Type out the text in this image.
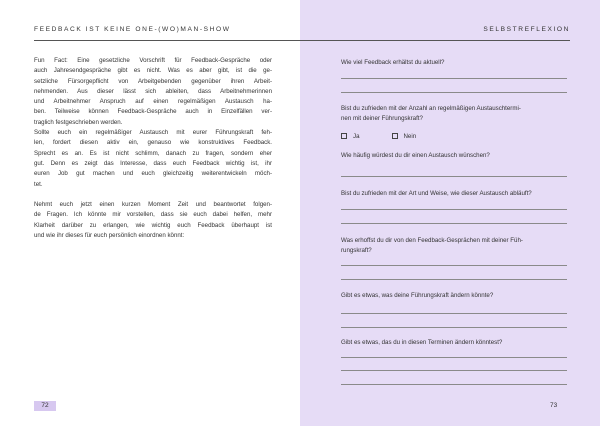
FEEDBACK IST KEINE ONE-(WO)MAN-SHOW	SELBSTREFLEXION
Fun Fact: Eine gesetzliche Vorschrift für Feedback-Gespräche oder
auch Jahresendgespräche gibt es nicht. Was es aber gibt, ist die ge-
setzliche Fürsorgepflicht von Arbeitgebenden gegenüber ihren Arbeit-
nehmenden. Aus dieser lässt sich ableiten, dass Arbeitnehmerinnen
und Arbeitnehmer Anspruch auf einen regelmäßigen Austausch ha-
ben. Teilweise können Feedback-Gespräche auch in Einzelfällen ver-
traglich festgeschrieben werden.
Sollte euch ein regelmäßiger Austausch mit eurer Führungskraft feh-
len, fordert diesen aktiv ein, genauso wie konstruktives Feedback.
Sprecht es an. Es ist nicht schlimm, danach zu fragen, sondern eher
gut. Denn es zeigt das Interesse, dass euch Feedback wichtig ist, ihr
euren Job gut machen und euch gleichzeitig weiterentwickeln möch-
tet.
Nehmt euch jetzt einen kurzen Moment Zeit und beantwortet folgen-
de Fragen. Ich könnte mir vorstellen, dass sie euch dabei helfen, mehr
Klarheit darüber zu erlangen, wie wichtig euch Feedback überhaupt ist
und wie ihr dieses für euch persönlich einordnen könnt:
72	73
Wie viel Feedback erhältst du aktuell?
Bist du zufrieden mit der Anzahl an regelmäßigen Austauschtermi-
nen mit deiner Führungskraft?
Ja	Nein
Wie häufig würdest du dir einen Austausch wünschen?
Bist du zufrieden mit der Art und Weise, wie dieser Austausch abläuft?
Was erhoffst du dir von den Feedback-Gesprächen mit deiner Füh-
rungskraft?
Gibt es etwas, was deine Führungskraft ändern könnte?
Gibt es etwas, das du in diesen Terminen ändern könntest?
